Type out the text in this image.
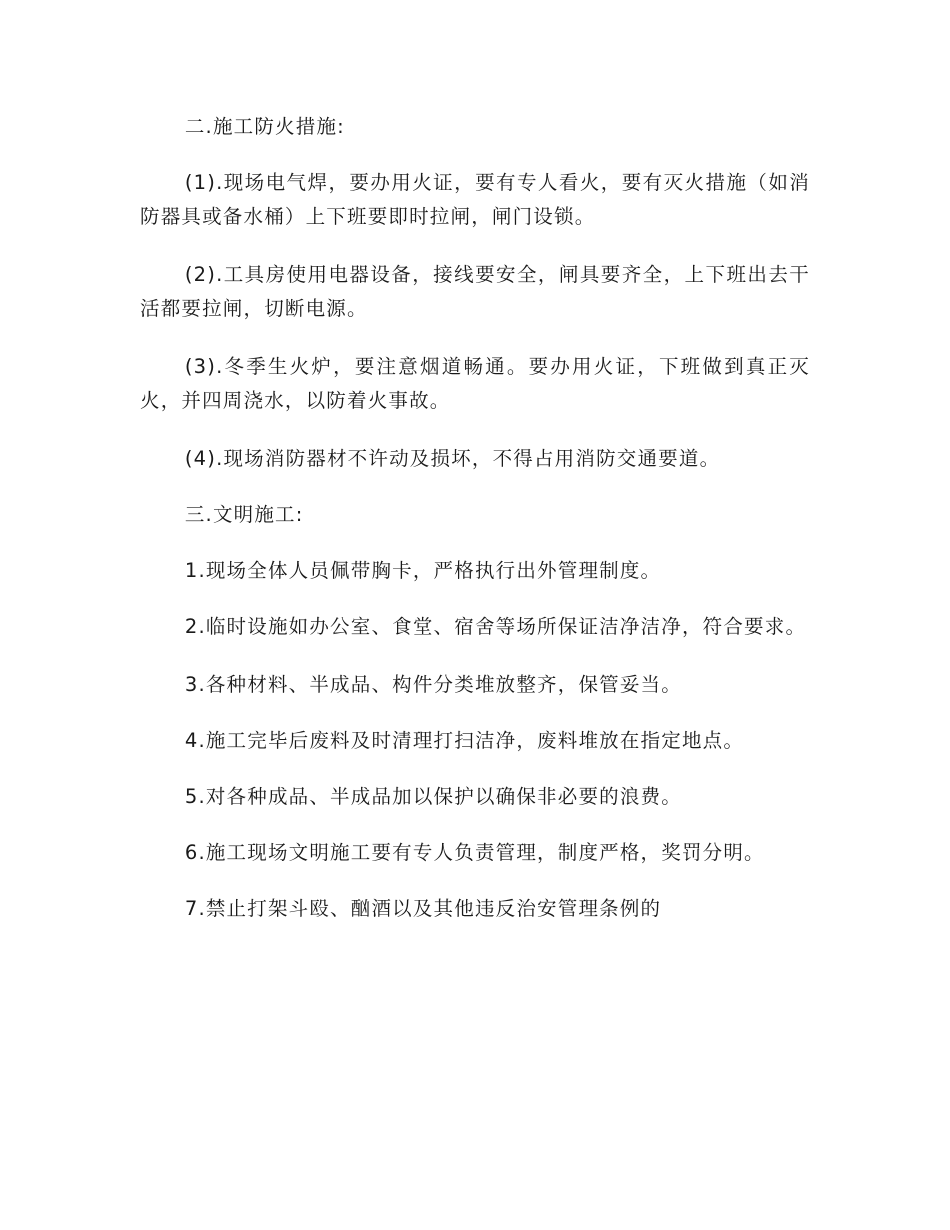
二.施工防火措施:

(1).现场电气焊，要办用火证，要有专人看火，要有灭火措施（如消防器具或备水桶）上下班要即时拉闸，闸门设锁。

(2).工具房使用电器设备，接线要安全，闸具要齐全，上下班出去干活都要拉闸，切断电源。

(3).冬季生火炉，要注意烟道畅通。要办用火证，下班做到真正灭火，并四周浇水，以防着火事故。

(4).现场消防器材不许动及损坏，不得占用消防交通要道。

三.文明施工:

1.现场全体人员佩带胸卡，严格执行出外管理制度。

2.临时设施如办公室、食堂、宿舍等场所保证洁净洁净，符合要求。

3.各种材料、半成品、构件分类堆放整齐，保管妥当。

4.施工完毕后废料及时清理打扫洁净，废料堆放在指定地点。

5.对各种成品、半成品加以保护以确保非必要的浪费。

6.施工现场文明施工要有专人负责管理，制度严格，奖罚分明。

7.禁止打架斗殴、酗酒以及其他违反治安管理条例的
